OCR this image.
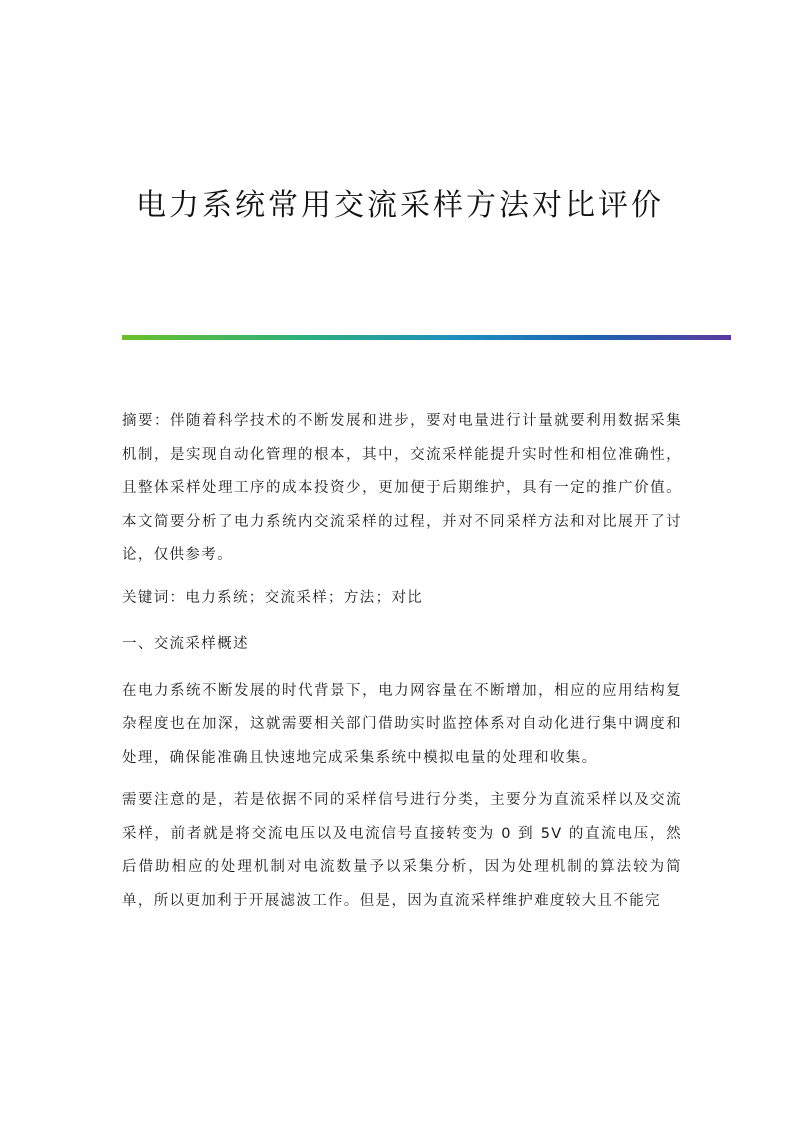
电力系统常用交流采样方法对比评价

摘要：伴随着科学技术的不断发展和进步，要对电量进行计量就要利用数据采集机制，是实现自动化管理的根本，其中，交流采样能提升实时性和相位准确性，且整体采样处理工序的成本投资少，更加便于后期维护，具有一定的推广价值。本文简要分析了电力系统内交流采样的过程，并对不同采样方法和对比展开了讨论，仅供参考。

关键词：电力系统；交流采样；方法；对比

一、交流采样概述

在电力系统不断发展的时代背景下，电力网容量在不断增加，相应的应用结构复杂程度也在加深，这就需要相关部门借助实时监控体系对自动化进行集中调度和处理，确保能准确且快速地完成采集系统中模拟电量的处理和收集。

需要注意的是，若是依据不同的采样信号进行分类，主要分为直流采样以及交流采样，前者就是将交流电压以及电流信号直接转变为 0 到 5V 的直流电压，然后借助相应的处理机制对电流数量予以采集分析，因为处理机制的算法较为简单，所以更加利于开展滤波工作。但是，因为直流采样维护难度较大且不能完
